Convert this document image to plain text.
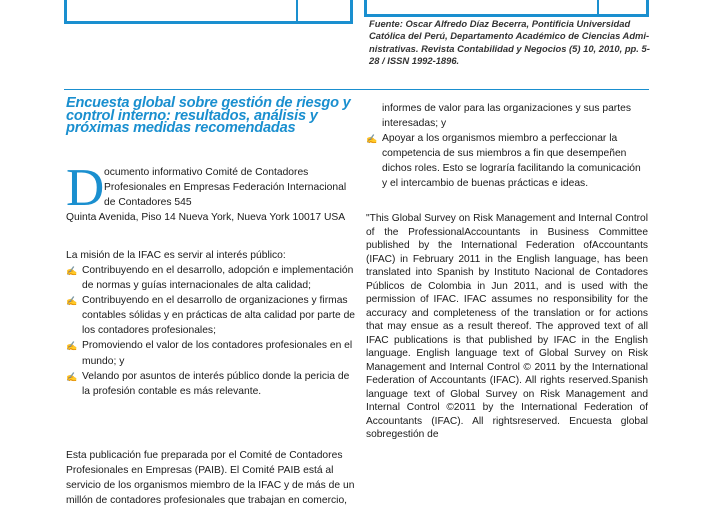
Fuente: Oscar Alfredo Díaz Becerra, Pontificia Universidad Católica del Perú, Departamento Académico de Ciencias Admi-nistrativas. Revista Contabilidad y Negocios (5) 10, 2010, pp. 5-28 / ISSN 1992-1896.
Encuesta global sobre gestión de riesgo y control interno: resultados, análisis y próximas medidas recomendadas
D ocumento informativo Comité de Contadores Profesionales en Empresas Federación Internacional de Contadores 545
Quinta Avenida, Piso 14 Nueva York, Nueva York 10017 USA
La misión de la IFAC es servir al interés público:
✍ Contribuyendo en el desarrollo, adopción e implementación de normas y guías internacionales de alta calidad;
✍ Contribuyendo en el desarrollo de organizaciones y firmas contables sólidas y en prácticas de alta calidad por parte de los contadores profesionales;
✍ Promoviendo el valor de los contadores profesionales en el mundo; y
✍ Velando por asuntos de interés público donde la pericia de la profesión contable es más relevante.
Esta publicación fue preparada por el Comité de Contadores Profesionales en Empresas (PAIB). El Comité PAIB está al servicio de los organismos miembro de la IFAC y de más de un millón de contadores profesionales que trabajan en comercio,
informes de valor para las organizaciones y sus partes interesadas; y
✍ Apoyar a los organismos miembro a perfeccionar la competencia de sus miembros a fin que desempeñen dichos roles. Esto se lograría facilitando la comunicación y el intercambio de buenas prácticas e ideas.
"This Global Survey on Risk Management and Internal Control of the ProfessionalAccountants in Business Committee published by the International Federation ofAccountants (IFAC) in February 2011 in the English language, has been translated into Spanish by Instituto Nacional de Contadores Públicos de Colombia in Jun 2011, and is used with the permission of IFAC. IFAC assumes no responsibility for the accuracy and completeness of the translation or for actions that may ensue as a result thereof. The approved text of all IFAC publications is that published by IFAC in the English language. English language text of Global Survey on Risk Management and Internal Control © 2011 by the International Federation of Accountants (IFAC). All rights reserved.Spanish language text of Global Survey on Risk Management and Internal Control ©2011 by the International Federation of Accountants (IFAC). All rightsreserved. Encuesta global sobregestión de
